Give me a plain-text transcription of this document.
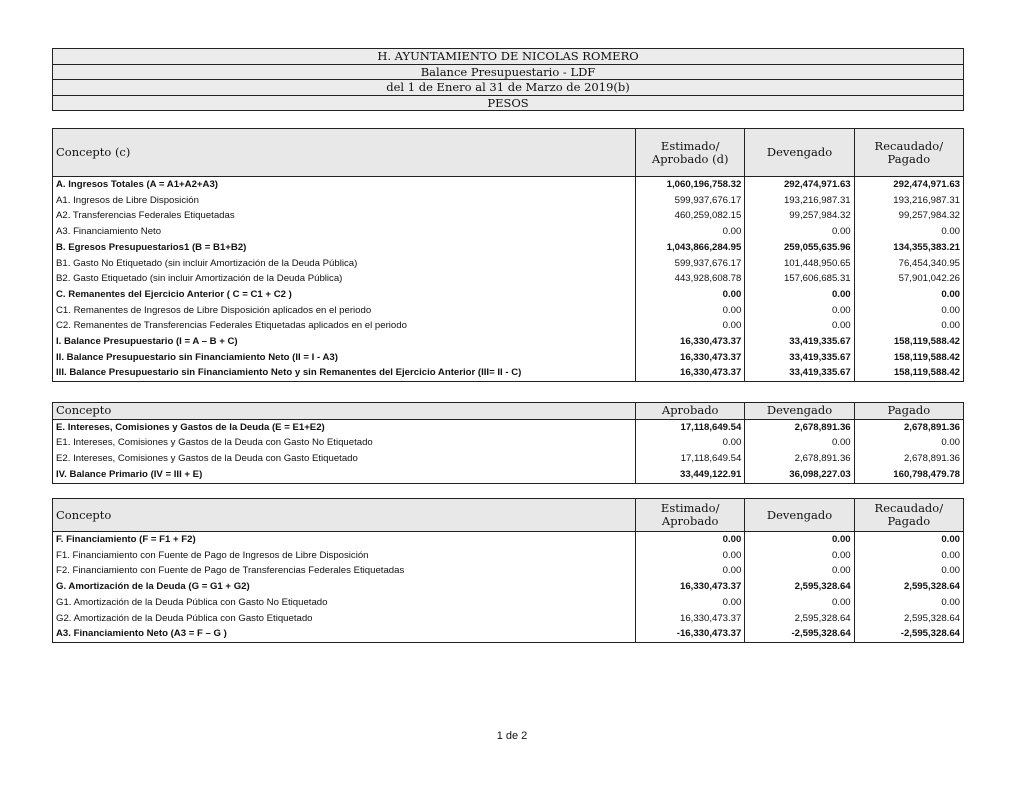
H. AYUNTAMIENTO DE NICOLAS ROMERO
Balance Presupuestario - LDF
del 1 de Enero al 31 de Marzo de 2019(b)
PESOS
Concepto (c)	Estimado/ Aprobado (d)	Devengado	Recaudado/ Pagado
A. Ingresos Totales (A = A1+A2+A3)	1,060,196,758.32	292,474,971.63	292,474,971.63
A1. Ingresos de Libre Disposición	599,937,676.17	193,216,987.31	193,216,987.31
A2. Transferencias Federales Etiquetadas	460,259,082.15	99,257,984.32	99,257,984.32
A3. Financiamiento Neto	0.00	0.00	0.00
B. Egresos Presupuestarios1 (B = B1+B2)	1,043,866,284.95	259,055,635.96	134,355,383.21
B1. Gasto No Etiquetado (sin incluir Amortización de la Deuda Pública)	599,937,676.17	101,448,950.65	76,454,340.95
B2. Gasto Etiquetado (sin incluir Amortización de la Deuda Pública)	443,928,608.78	157,606,685.31	57,901,042.26
C. Remanentes del Ejercicio Anterior ( C = C1 + C2 )	0.00	0.00	0.00
C1. Remanentes de Ingresos de Libre Disposición aplicados en el periodo	0.00	0.00	0.00
C2. Remanentes de Transferencias Federales Etiquetadas aplicados en el periodo	0.00	0.00	0.00
I. Balance Presupuestario (I = A – B + C)	16,330,473.37	33,419,335.67	158,119,588.42
II. Balance Presupuestario sin Financiamiento Neto (II = I - A3)	16,330,473.37	33,419,335.67	158,119,588.42
III. Balance Presupuestario sin Financiamiento Neto y sin Remanentes del Ejercicio Anterior (III= II - C)	16,330,473.37	33,419,335.67	158,119,588.42
Concepto	Aprobado	Devengado	Pagado
E. Intereses, Comisiones y Gastos de la Deuda (E = E1+E2)	17,118,649.54	2,678,891.36	2,678,891.36
E1. Intereses, Comisiones y Gastos de la Deuda con Gasto No Etiquetado	0.00	0.00	0.00
E2. Intereses, Comisiones y Gastos de la Deuda con Gasto Etiquetado	17,118,649.54	2,678,891.36	2,678,891.36
IV. Balance Primario (IV = III + E)	33,449,122.91	36,098,227.03	160,798,479.78
Concepto	Estimado/ Aprobado	Devengado	Recaudado/ Pagado
F. Financiamiento (F = F1 + F2)	0.00	0.00	0.00
F1. Financiamiento con Fuente de Pago de Ingresos de Libre Disposición	0.00	0.00	0.00
F2. Financiamiento con Fuente de Pago de Transferencias Federales Etiquetadas	0.00	0.00	0.00
G. Amortización de la Deuda (G = G1 + G2)	16,330,473.37	2,595,328.64	2,595,328.64
G1. Amortización de la Deuda Pública con Gasto No Etiquetado	0.00	0.00	0.00
G2. Amortización de la Deuda Pública con Gasto Etiquetado	16,330,473.37	2,595,328.64	2,595,328.64
A3. Financiamiento Neto (A3 = F – G )	-16,330,473.37	-2,595,328.64	-2,595,328.64
1 de 2
